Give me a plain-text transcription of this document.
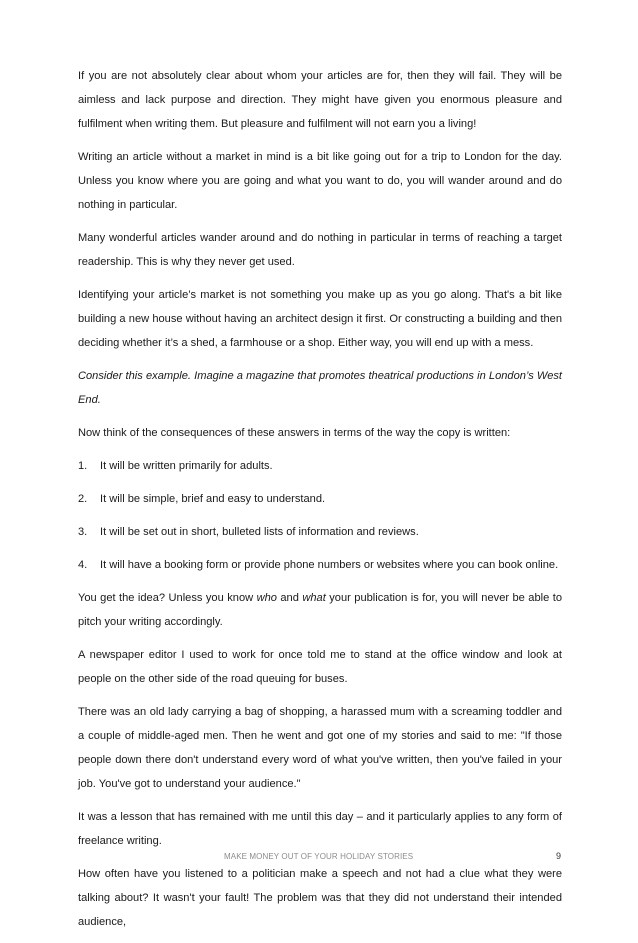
If you are not absolutely clear about whom your articles are for, then they will fail. They will be aimless and lack purpose and direction. They might have given you enormous pleasure and fulfilment when writing them. But pleasure and fulfilment will not earn you a living!

Writing an article without a market in mind is a bit like going out for a trip to London for the day. Unless you know where you are going and what you want to do, you will wander around and do nothing in particular.

Many wonderful articles wander around and do nothing in particular in terms of reaching a target readership. This is why they never get used.

Identifying your article’s market is not something you make up as you go along. That's a bit like building a new house without having an architect design it first. Or constructing a building and then deciding whether it’s a shed, a farmhouse or a shop. Either way, you will end up with a mess.

Consider this example. Imagine a magazine that promotes theatrical productions in London’s West End.

Now think of the consequences of these answers in terms of the way the copy is written:

1.	It will be written primarily for adults.
2.	It will be simple, brief and easy to understand.
3.	It will be set out in short, bulleted lists of information and reviews.
4.	It will have a booking form or provide phone numbers or websites where you can book online.

You get the idea? Unless you know who and what your publication is for, you will never be able to pitch your writing accordingly.

A newspaper editor I used to work for once told me to stand at the office window and look at people on the other side of the road queuing for buses.

There was an old lady carrying a bag of shopping, a harassed mum with a screaming toddler and a couple of middle-aged men. Then he went and got one of my stories and said to me: "If those people down there don't understand every word of what you've written, then you've failed in your job. You've got to understand your audience."

It was a lesson that has remained with me until this day – and it particularly applies to any form of freelance writing.

How often have you listened to a politician make a speech and not had a clue what they were talking about? It wasn't your fault! The problem was that they did not understand their intended audience,

MAKE MONEY OUT OF YOUR HOLIDAY STORIES	9
